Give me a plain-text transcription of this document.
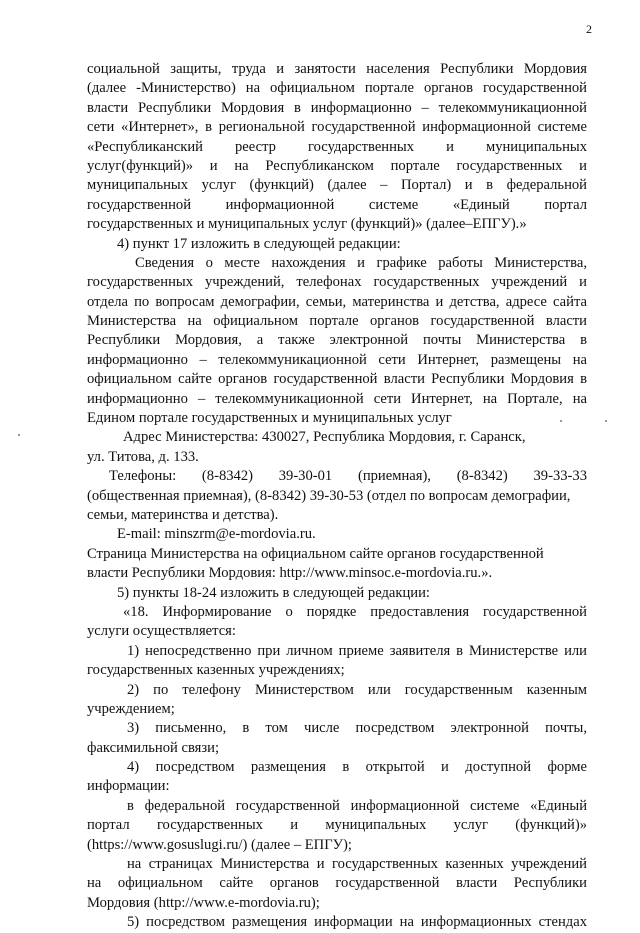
2
социальной защиты, труда и занятости населения Республики Мордовия
(далее -Министерство) на официальном портале органов государственной
власти Республики Мордовия в информационно – телекоммуникационной
сети «Интернет», в региональной государственной информационной системе
«Республиканский реестр государственных и муниципальных
услуг(функций)» и на Республиканском портале государственных и
муниципальных услуг (функций) (далее – Портал) и в федеральной
государственной информационной системе «Единый портал
государственных и муниципальных услуг (функций)» (далее–ЕПГУ).»
4) пункт 17 изложить в следующей редакции:
Сведения о месте нахождения и графике работы Министерства,
государственных учреждений, телефонах государственных учреждений и
отдела по вопросам демографии, семьи, материнства и детства, адресе сайта
Министерства на официальном портале органов государственной власти
Республики Мордовия, а также электронной почты Министерства в
информационно – телекоммуникационной сети Интернет, размещены на
официальном сайте органов государственной власти Республики Мордовия в
информационно – телекоммуникационной сети Интернет, на Портале, на
Едином портале государственных и муниципальных услуг
Адрес Министерства: 430027, Республика Мордовия, г. Саранск,
ул. Титова, д. 133.
Телефоны: (8-8342) 39-30-01 (приемная), (8-8342) 39-33-33
(общественная приемная), (8-8342) 39-30-53 (отдел по вопросам демографии,
семьи, материнства и детства).
E-mail: minszrm@e-mordovia.ru.
Страница Министерства на официальном сайте органов государственной
власти Республики Мордовия: http://www.minsoc.e-mordovia.ru.».
5) пункты 18-24 изложить в следующей редакции:
«18. Информирование о порядке предоставления государственной
услуги осуществляется:
1) непосредственно при личном приеме заявителя в Министерстве или
государственных казенных учреждениях;
2) по телефону Министерством или государственным казенным
учреждением;
3) письменно, в том числе посредством электронной почты,
факсимильной связи;
4) посредством размещения в открытой и доступной форме
информации:
в федеральной государственной информационной системе «Единый
портал государственных и муниципальных услуг (функций)»
(https://www.gosuslugi.ru/) (далее – ЕПГУ);
на страницах Министерства и государственных казенных учреждений
на официальном сайте органов государственной власти Республики
Мордовия (http://www.e-mordovia.ru);
5) посредством размещения информации на информационных стендах
